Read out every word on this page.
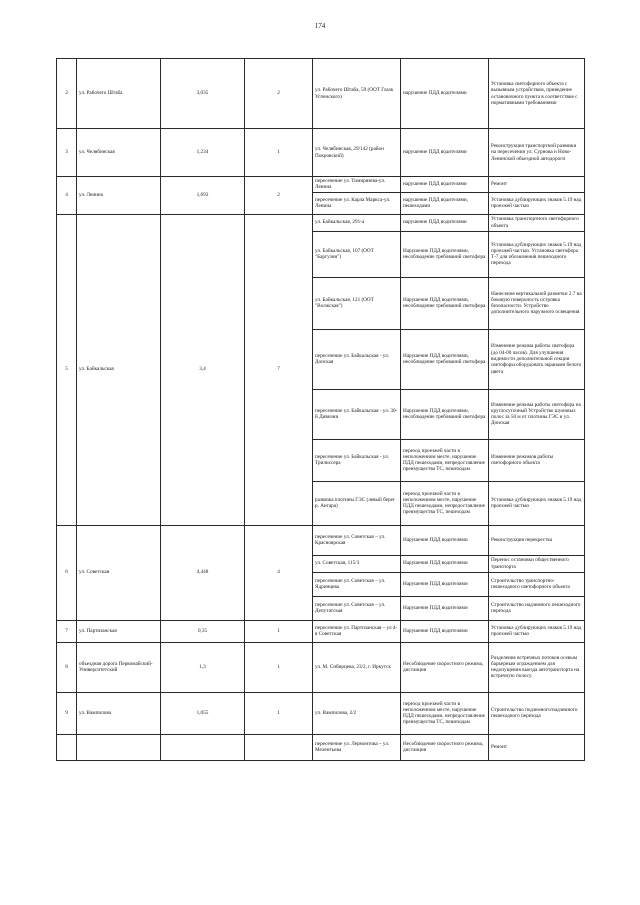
174
2	ул. Рабочего Штаба	3,035	2	ул. Рабочего Штаба, 59 (ООТ Глазк Успенского)	нарушение ПДД водителями	Установка светофорного объекта с вызывным устройством, приведение остановочного пункта в соответствие с нормативными требованиями
3	ул. Челябинская	1,234	1	ул. Челябинская, 29/142 (район Покровский)	нарушение ПДД водителями	Реконструкция транспортной развязки на пересечении ул. Сурнова и Ново-Ленинской объездной автодороги
4	ул. Ленина	1,693	2	пересечение ул. Тимирязева-ул. Ленина	нарушение ПДД водителями	Ремонт
				пересечение ул. Карла Маркса-ул. Ленина	нарушение ПДД водителями, пешеходами	Установка дублирующих знаков 5.19 над проезжей частью
5	ул. Байкальская	3,4	7	ул. Байкальская, 291-а	нарушение ПДД водителями	Установка транспортного светофорного объекта
				ул. Байкальская, 107 (ООТ "Баргузин")	Нарушение ПДД водителями, несоблюдение требований светофора	Установка дублирующих знаков 5.19 над проезжей частью. Установка светофора Т-7 для обозначения пешеходного перехода
				ул. Байкальская, 121 (ООТ "Волжская")	Нарушение ПДД водителями, несоблюдение требований светофора	Нанесение вертикальной разметки 2.7 на боковую поверхность островка безопасности. Устройство дополнительного наружного освещения
				пересечение ул. Байкальская - ул. Донская	Нарушение ПДД водителями, несоблюдение требований светофора	Изменение режима работы светофора (до 04-00 часов). Для улучшения видимости дополнительной секции светофоры оборудовать экранами белого цвета
				пересечение ул. Байкальская - ул. 30-й Дивизии	Нарушение ПДД водителями, несоблюдение требований светофора	Изменение режима работы светофора на круглосуточный Устройство шумовых полос за 50 м от плотины ГЭС и ул. Донская
				пересечение ул. Байкальская - ул. Трилиссера	переход проезжей части в неположенном месте, нарушение ПДД пешеходами, непредоставление преимущества ТС, пешеходам	Изменение режимов работы светофорного объекта
				развязка плотины ГЭС (левый берег р. Ангара)	переход проезжей части в неположенном месте, нарушение ПДД пешеходами, непредоставление преимущества ТС, пешеходам	Установка дублирующих знаков 5.19 над проезжей частью
6	ул. Советская	4,448	4	пересечение ул. Советская – ул. Красноярская	Нарушение ПДД водителями	Реконструкция перекрестка
				ул. Советская, 115/3	Нарушение ПДД водителями	Перенос остановки общественного транспорта
				пересечение ул. Советская – ул. Ядринцева	Нарушение ПДД водителями	Строительство транспортно-пешеходного светофорного объекта
				пересечение ул. Советская – ул. Депутатская	Нарушение ПДД водителями	Строительство надземного пешеходного перехода
7	ул. Партизанская	0,35	1	пересечение ул. Партизанская – ул 4-я Советская	Нарушение ПДД водителями	Установка дублирующих знаков 5.19 над проезжей частью
8	объездная дорога Первомайский-Университетский	1,3	1	ул. М. Сибирцева, 23/2, г. Иркутск	Несоблюдение скоростного режима, дистанции	Разделение встречных потоков осевым барьерным ограждением для недопущения выезда автотранспорта на встречную полосу.
9	ул. Вампилова	1,055	1	ул. Вампилова, 2/2	переход проезжей части в неположенном месте, нарушение ПДД пешеходами, непредоставление преимущества ТС, пешеходам	Строительство подземного/надземного пешеходного перехода
				пересечение ул. Лермонтова – ул. Мелентьева	Несоблюдение скоростного режима, дистанции	Ремонт
